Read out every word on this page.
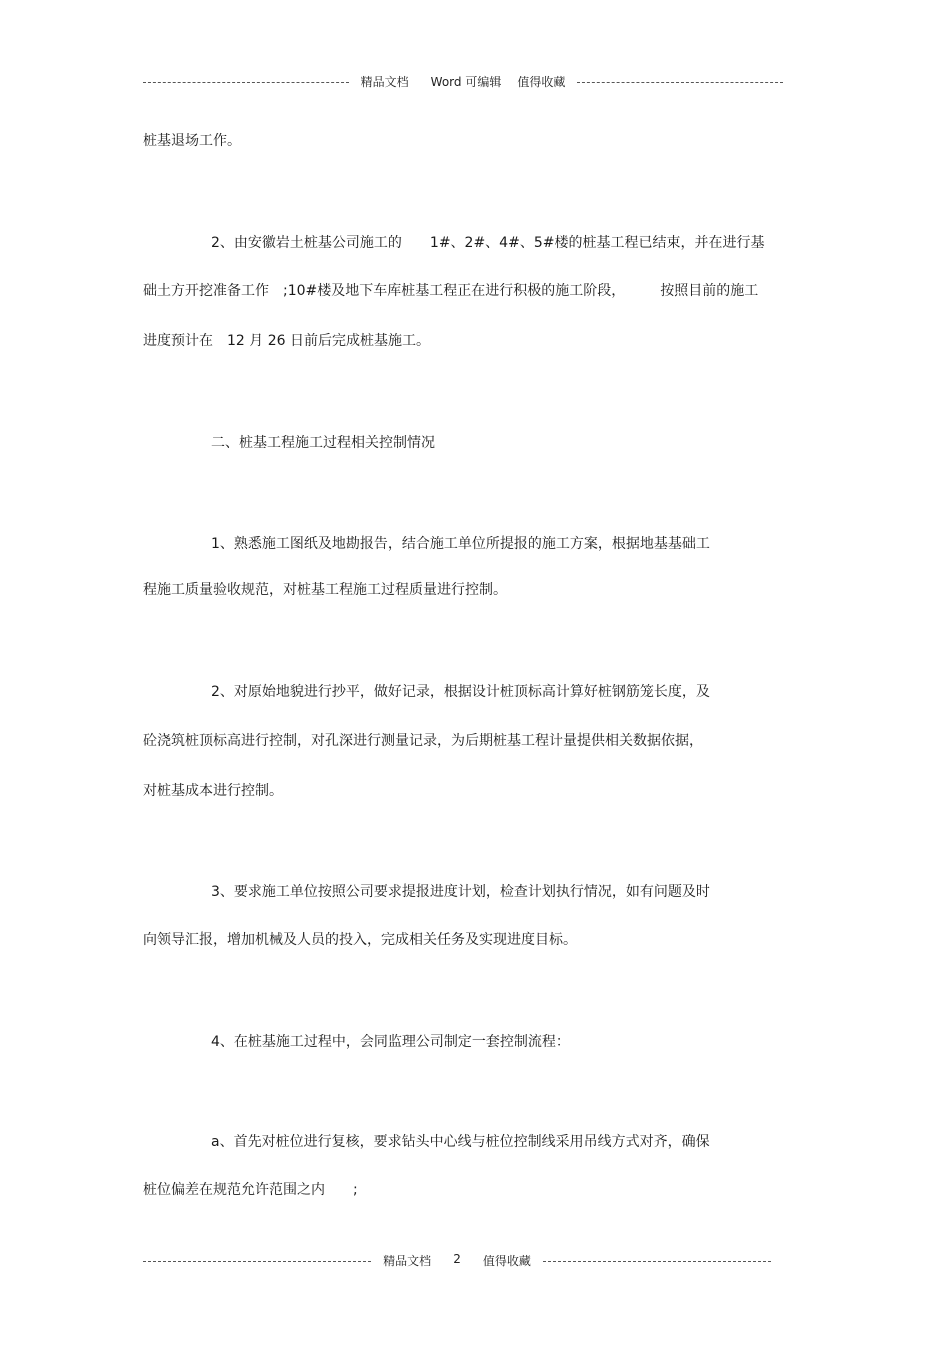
精品文档 Word 可编辑 值得收藏
桩基退场工作。
2、由安徽岩土桩基公司施工的　　1#、2#、4#、5#楼的桩基工程已结束，并在进行基
础土方开挖准备工作　;10#楼及地下车库桩基工程正在进行积极的施工阶段，　　　按照目前的施工
进度预计在　12 月 26 日前后完成桩基施工。
二、桩基工程施工过程相关控制情况
1、熟悉施工图纸及地勘报告，结合施工单位所提报的施工方案，根据地基基础工
程施工质量验收规范，对桩基工程施工过程质量进行控制。
2、对原始地貌进行抄平，做好记录，根据设计桩顶标高计算好桩钢筋笼长度，及
砼浇筑桩顶标高进行控制，对孔深进行测量记录，为后期桩基工程计量提供相关数据依据，
对桩基成本进行控制。
3、要求施工单位按照公司要求提报进度计划，检查计划执行情况，如有问题及时
向领导汇报，增加机械及人员的投入，完成相关任务及实现进度目标。
4、在桩基施工过程中，会同监理公司制定一套控制流程：
a、首先对桩位进行复核，要求钻头中心线与桩位控制线采用吊线方式对齐，确保
桩位偏差在规范允许范围之内　　;
精品文档 2 值得收藏
